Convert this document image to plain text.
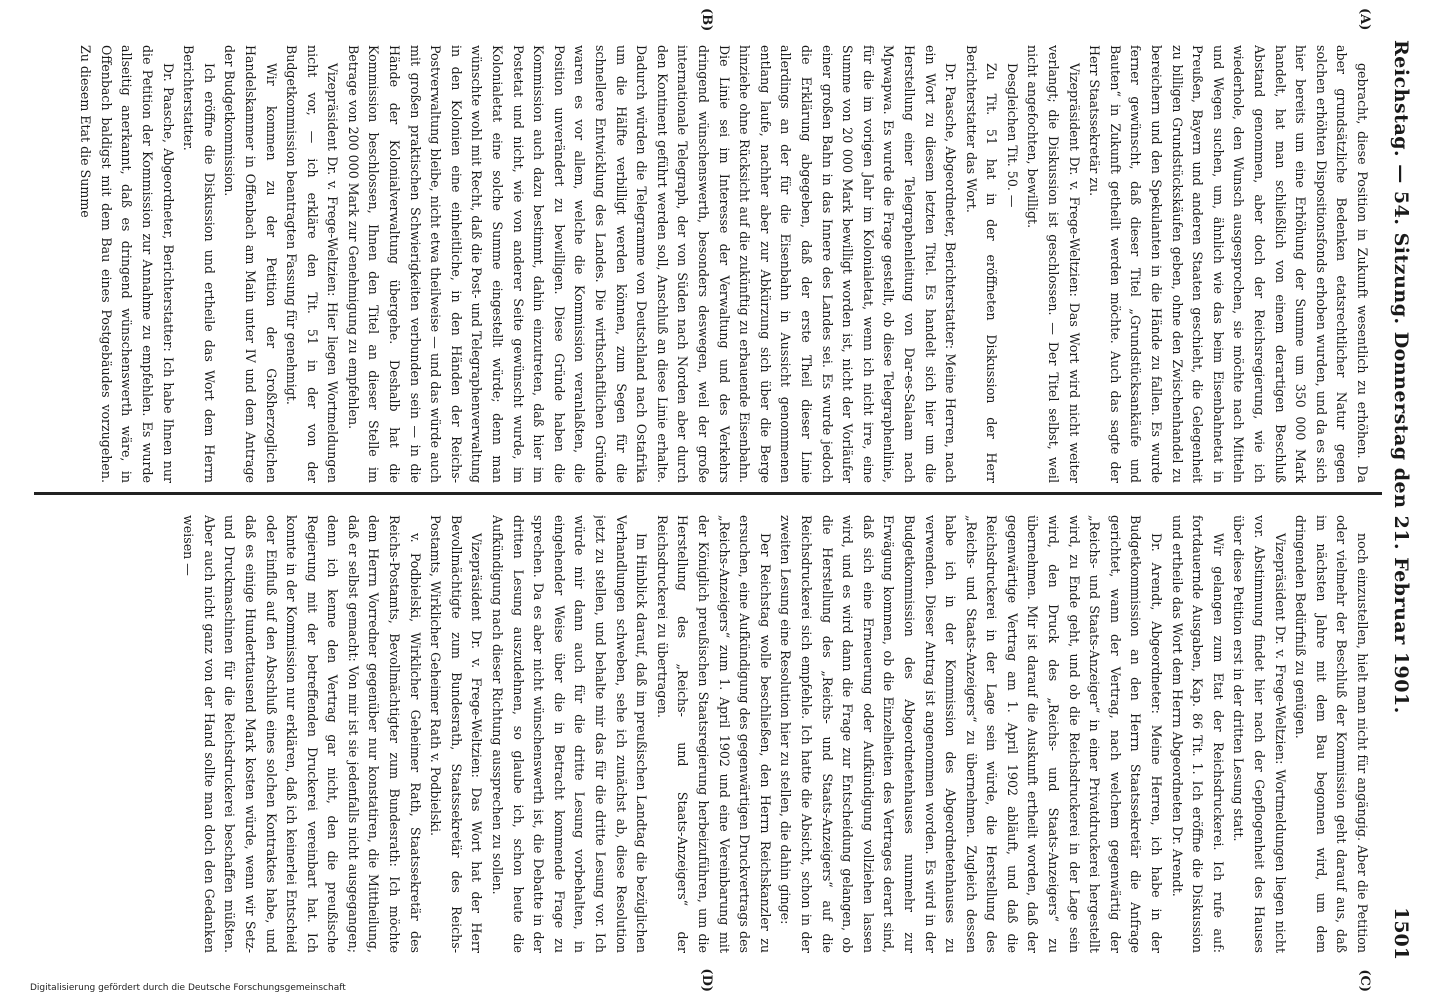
Reichstag. — 54. Sitzung. Donnerstag den 21. Februar 1901.
1501
(A)
(B)
(C)
(D)

gebracht, diese Position in Zukunft wesentlich zu erhöhen. Da aber grundsätzliche Bedenken etatsrechtlicher Natur gegen solchen erhöhten Dispositionsfonds erhoben wurden, und da es sich hier bereits um eine Erhöhung der Summe um 350 000 Mark handelt, hat man schließlich von einem derartigen Beschluß Abstand genommen, aber doch der Reichsregierung, wie ich wiederhole, den Wunsch ausgesprochen, sie möchte nach Mitteln und Wegen suchen, um, ähnlich wie das beim Eisenbahnetat in Preußen, Bayern und anderen Staaten geschieht, die Gelegenheit zu billigen Grundstückskäufen geben, ohne den Zwischenhandel zu bereichern und den Spekulanten in die Hände zu fallen. Es wurde ferner gewünscht, daß dieser Titel „Grundstücksankäufe und Bauten“ in Zukunft getheilt werden möchte. Auch das sagte der Herr Staatssekretär zu.

Vizepräsident Dr. v. Frege-Weltzien: Das Wort wird nicht weiter verlangt; die Diskussion ist geschlossen. — Der Titel selbst, weil nicht angefochten, bewilligt.

Desgleichen Tit. 50. —

Zu Tit. 51 hat in der eröffneten Diskussion der Herr Berichterstatter das Wort.

Dr. Paasche, Abgeordneter, Berichterstatter: Meine Herren, nach ein Wort zu diesem letzten Titel. Es handelt sich hier um die Herstellung einer Telegraphenleitung von Dar-es-Salaam nach Mpwapwa. Es wurde die Frage gestellt, ob diese Telegraphenlinie, für die im vorigen Jahr im Kolonialetat, wenn ich nicht irre, eine Summe von 20 000 Mark bewilligt worden ist, nicht der Vorläufer einer großen Bahn in das Innere des Landes sei. Es wurde jedoch die Erklärung abgegeben, daß der erste Theil dieser Linie allerdings an der für die Eisenbahn in Aussicht genommenen entlang laufe, nachher aber zur Abkürzung sich über die Berge hinziehe ohne Rücksicht auf die zukünftig zu erbauende Eisenbahn. Die Linie sei im Interesse der Verwaltung und des Verkehrs dringend wünschenswerth, besonders deswegen, weil der große internationale Telegraph, der von Süden nach Norden aber durch den Kontinent geführt werden soll, Anschluß an diese Linie erhalte. Dadurch würden die Telegramme von Deutschland nach Ostafrika um die Hälfte verbilligt werden können, zum Segen für die schnellere Entwicklung des Landes. Die wirthschaftlichen Gründe waren es vor allem, welche die Kommission veranlaßten, die Position unverändert zu bewilligen. Diese Gründe haben die Kommission auch dazu bestimmt, dahin einzutreten, daß hier im Postetat und nicht, wie von anderer Seite gewünscht wurde, im Kolonialetat eine solche Summe eingestellt würde; denn man wünschte wohl mit Recht, daß die Post- und Telegraphenverwaltung in den Kolonien eine einheitliche, in den Händen der Reichs-Postverwaltung bleibe, nicht etwa theilweise — und das würde auch mit großen praktischen Schwierigkeiten verbunden sein — in die Hände der Kolonialverwaltung übergehe. Deshalb hat die Kommission beschlossen, Ihnen den Titel an dieser Stelle im Betrage von 200 000 Mark zur Genehmigung zu empfehlen.

Vizepräsident Dr. v. Frege-Weltzien: Hier liegen Wortmeldungen nicht vor, — ich erkläre den Tit. 51 in der von der Budgetkommission beantragten Fassung für genehmigt.

Wir kommen zu der Petition der Großherzoglichen Handelskammer in Offenbach am Main unter IV und dem Antrage der Budgetkommission.

Ich eröffne die Diskussion und ertheile das Wort dem Herrn Berichterstatter.

Dr. Paasche, Abgeordneter, Berichterstatter: Ich habe Ihnen nur die Petition der Kommission zur Annahme zu empfehlen. Es wurde allseitig anerkannt, daß es dringend wünschenswerth wäre, in Offenbach baldigst mit dem Bau eines Postgebäudes vorzugehen. Zu diesem Etat die Summe

noch einzustellen, hielt man nicht für angängig. Aber die Petition oder vielmehr der Beschluß der Kommission geht darauf aus, daß im nächsten Jahre mit dem Bau begonnen wird, um dem dringenden Bedürfniß zu genügen.

Vizepräsident Dr. v. Frege-Weltzien: Wortmeldungen liegen nicht vor. Abstimmung findet hier nach der Gepflogenheit des Hauses über diese Petition erst in der dritten Lesung statt.

Wir gelangen zum Etat der Reichsdruckerei. Ich rufe auf: fortdauernde Ausgaben, Kap. 86 Tit. 1. Ich eröffne die Diskussion und ertheile das Wort dem Herrn Abgeordneten Dr. Arendt.

Dr. Arendt, Abgeordneter: Meine Herren, ich habe in der Budgetkommission an den Herrn Staatssekretär die Anfrage gerichtet, wann der Vertrag, nach welchem gegenwärtig der „Reichs- und Staats-Anzeiger“ in einer Privatdruckerei hergestellt wird, zu Ende geht, und ob die Reichsdruckerei in der Lage sein wird, den Druck des „Reichs- und Staats-Anzeigers“ zu übernehmen. Mir ist darauf die Auskunft ertheilt worden, daß der gegenwärtige Vertrag am 1. April 1902 abläuft, und daß die Reichsdruckerei in der Lage sein würde, die Herstellung des „Reichs- und Staats-Anzeigers“ zu übernehmen. Zugleich dessen habe ich in der Kommission des Abgeordnetenhauses zu verwenden. Dieser Antrag ist angenommen worden. Es wird in der Budgetkommission des Abgeordnetenhauses nunmehr zur Erwägung kommen, ob die Einzelheiten des Vertrages derart sind, daß sich eine Erneuerung oder Aufkündigung vollziehen lassen wird, und es wird dann die Frage zur Entscheidung gelangen, ob die Herstellung des „Reichs- und Staats-Anzeigers“ auf die Reichsdruckerei sich empfehle. Ich hatte die Absicht, schon in der zweiten Lesung eine Resolution hier zu stellen, die dahin ginge:

Der Reichstag wolle beschließen, den Herrn Reichskanzler zu ersuchen, eine Aufkündigung des gegenwärtigen Druckvertrags des „Reichs-Anzeigers“ zum 1. April 1902 und eine Vereinbarung mit der Königlich preußischen Staatsregierung herbeizuführen, um die Herstellung des „Reichs- und Staats-Anzeigers“ der Reichsdruckerei zu übertragen.

Im Hinblick darauf, daß im preußischen Landtag die bezüglichen Verhandlungen schweben, sehe ich zunächst ab, diese Resolution jetzt zu stellen, und behalte mir das für die dritte Lesung vor. Ich würde mir dann auch für die dritte Lesung vorbehalten, in eingehender Weise über die in Betracht kommende Frage zu sprechen. Da es aber nicht wünschenswerth ist, die Debatte in der dritten Lesung auszudehnen, so glaube ich, schon heute die Aufkündigung nach dieser Richtung aussprechen zu sollen.

Vizepräsident Dr. v. Frege-Weltzien: Das Wort hat der Herr Bevollmächtigte zum Bundesrath, Staatssekretär des Reichs-Postamts, Wirklicher Geheimer Rath v. Podbielski.

v. Podbielski, Wirklicher Geheimer Rath, Staatssekretär des Reichs-Postamts, Bevollmächtigter zum Bundesrath: Ich möchte dem Herrn Vorredner gegenüber nur konstatiren, die Mittheilung, daß er selbst gemacht: Von mir ist sie jedenfalls nicht ausgegangen; denn ich kenne den Vertrag gar nicht, den die preußische Regierung mit der betreffenden Druckerei vereinbart hat. Ich konnte in der Kommission nur erklären, daß ich keinerlei Entscheid oder Einfluß auf den Abschluß eines solchen Kontraktes habe, und daß es einige Hunderttausend Mark kosten würde, wenn wir Setz- und Druckmaschinen für die Reichsdruckerei beschaffen müßten. Aber auch nicht ganz von der Hand sollte man doch den Gedanken weisen —

Digitalisierung gefördert durch die Deutsche Forschungsgemeinschaft
